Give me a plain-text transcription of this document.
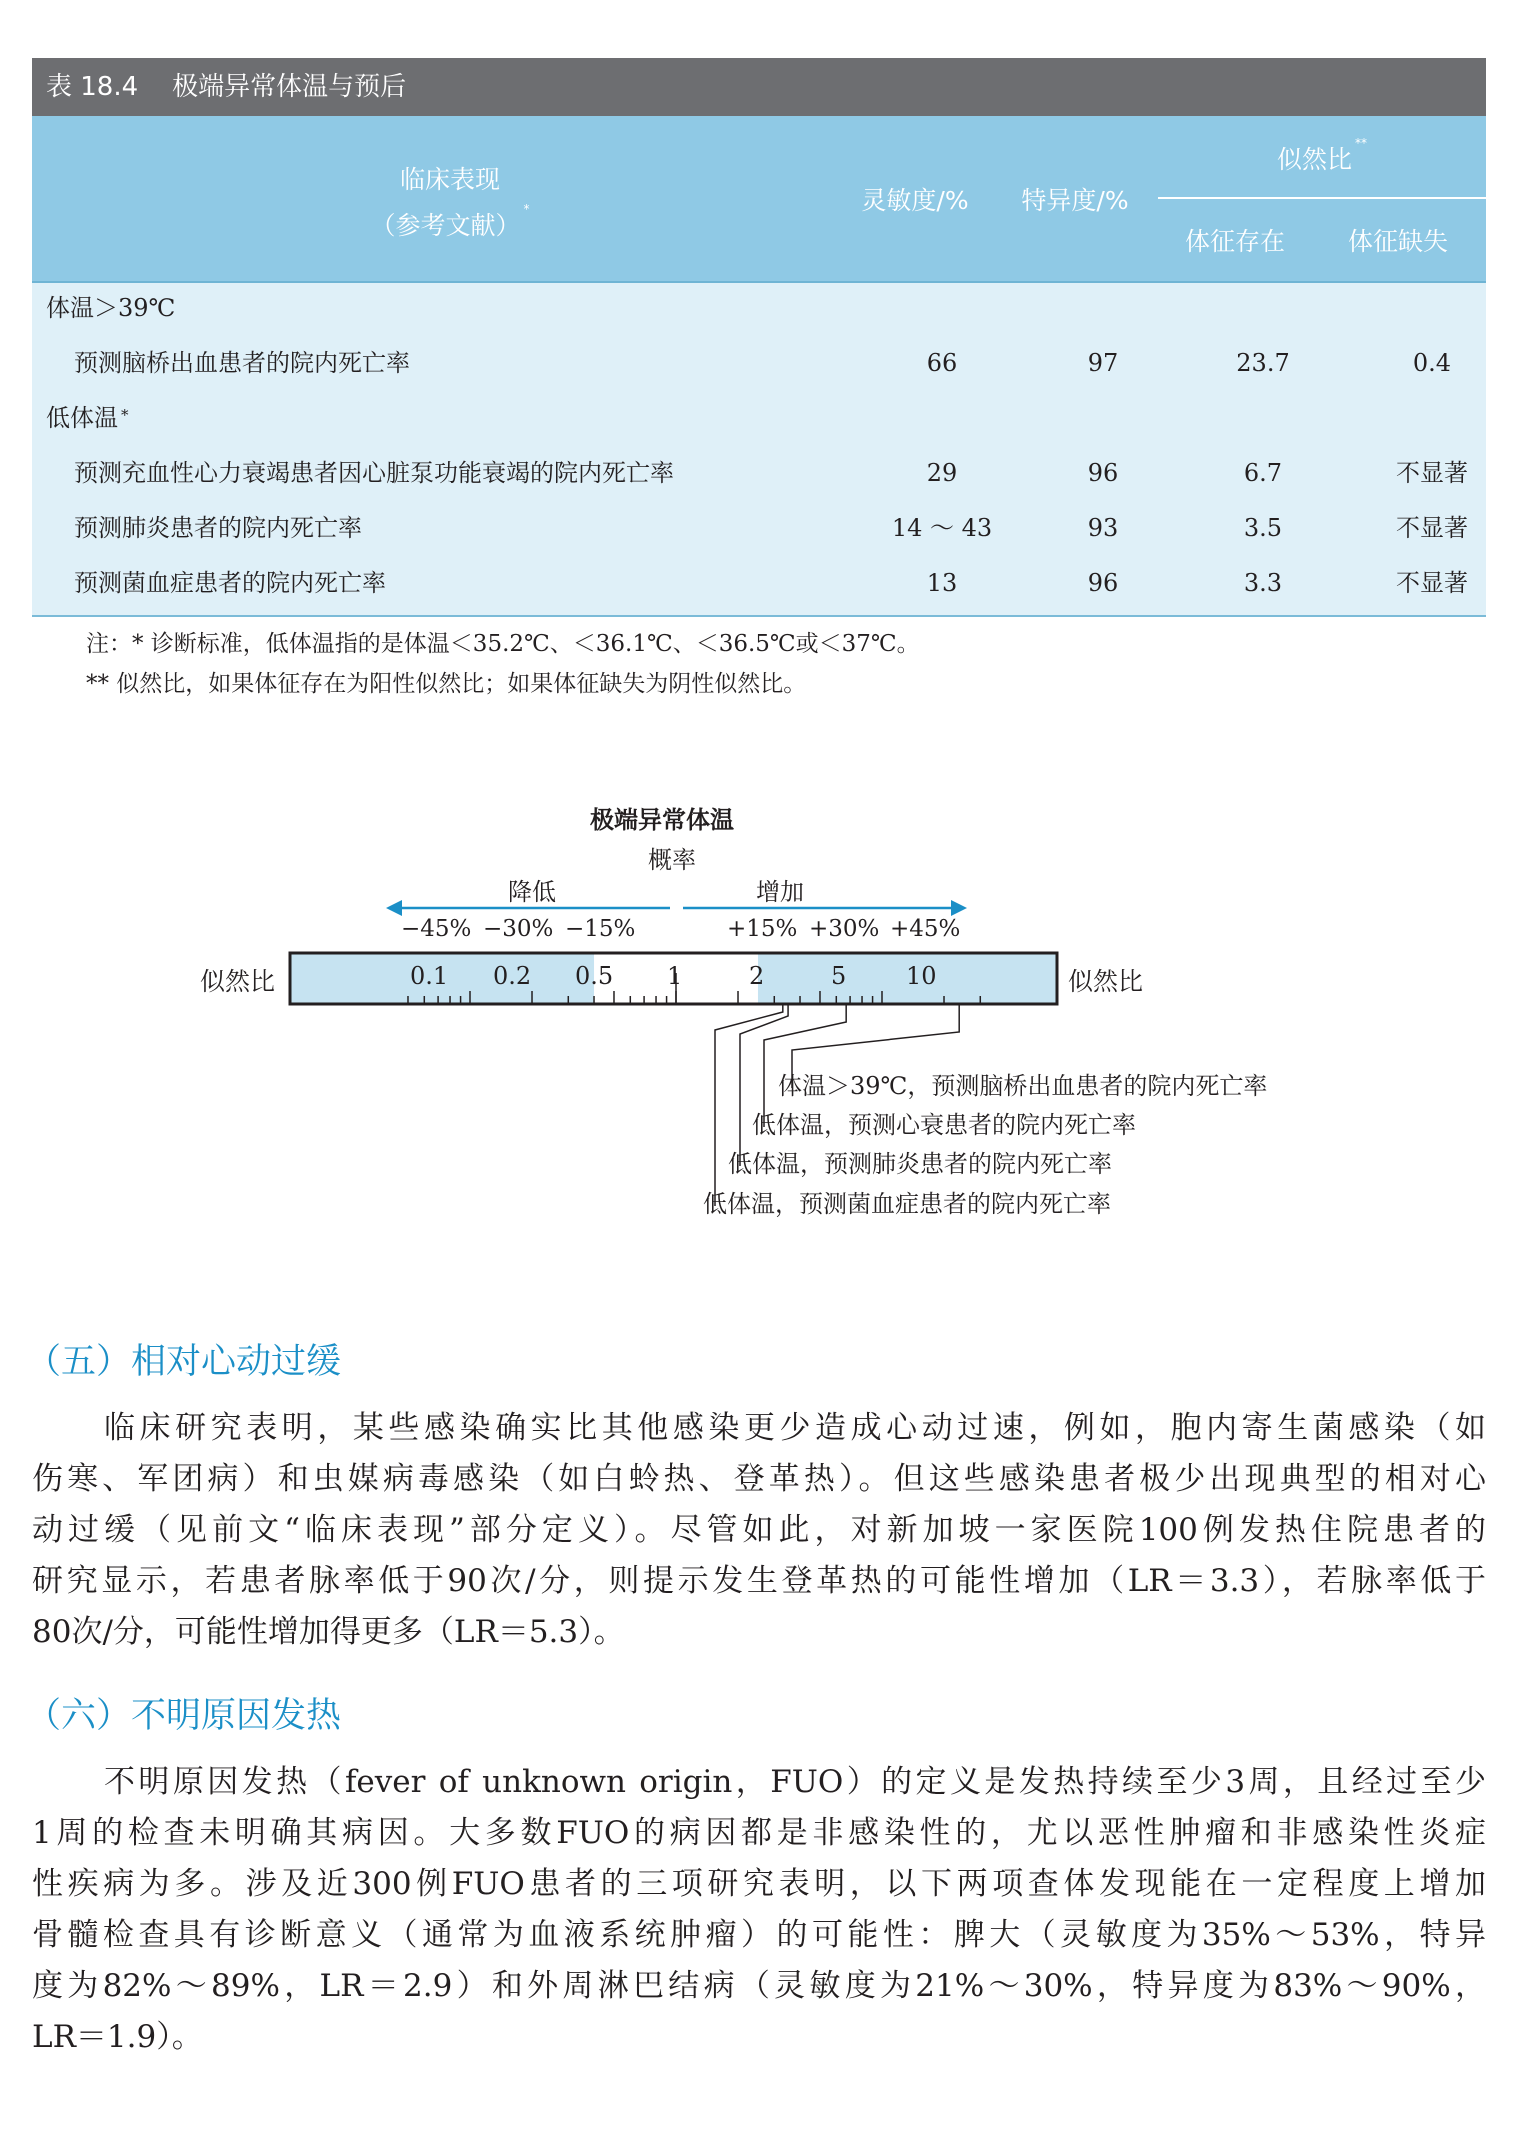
表 18.4 极端异常体温与预后
临床表现
（参考文献）*	灵敏度/%	特异度/%
似然比**
体征存在	体征缺失
体温＞39℃
预测脑桥出血患者的院内死亡率	66	97	23.7	0.4
低体温 *
预测充血性心力衰竭患者因心脏泵功能衰竭的院内死亡率	29	96	6.7	不显著
预测肺炎患者的院内死亡率	14 ～ 43	93	3.5	不显著
预测菌血症患者的院内死亡率	13	96	3.3	不显著
注：* 诊断标准，低体温指的是体温＜35.2℃、＜36.1℃、＜36.5℃或＜37℃。
** 似然比，如果体征存在为阳性似然比；如果体征缺失为阴性似然比。
极端异常体温
概率
降低	增加
−45% −30% −15%	+15% +30% +45%
似然比	似然比
0.1 0.2 0.5 1	2	5 10
体温＞39℃，预测脑桥出血患者的院内死亡率
低体温，预测心衰患者的院内死亡率
低体温，预测肺炎患者的院内死亡率
低体温，预测菌血症患者的院内死亡率
（五）相对心动过缓
临床研究表明，某些感染确实比其他感染更少造成心动过速，例如，胞内寄生菌感染（如
伤寒、军团病）和虫媒病毒感染（如白蛉热、登革热）。但这些感染患者极少出现典型的相对心
动过缓（见前文“临床表现”部分定义）。尽管如此，对新加坡一家医院100例发热住院患者的
研究显示，若患者脉率低于90次/分，则提示发生登革热的可能性增加（LR＝3.3），若脉率低于
80次/分，可能性增加得更多（LR＝5.3）。
（六）不明原因发热
不明原因发热（fever of unknown origin，FUO）的定义是发热持续至少3周，且经过至少
1周的检查未明确其病因。大多数FUO的病因都是非感染性的，尤以恶性肿瘤和非感染性炎症
性疾病为多。涉及近300例FUO患者的三项研究表明，以下两项查体发现能在一定程度上增加
骨髓检查具有诊断意义（通常为血液系统肿瘤）的可能性：脾大（灵敏度为35%～53%，特异
度为82%～89%，LR＝2.9）和外周淋巴结病（灵敏度为21%～30%，特异度为83%～90%，
LR＝1.9）。
